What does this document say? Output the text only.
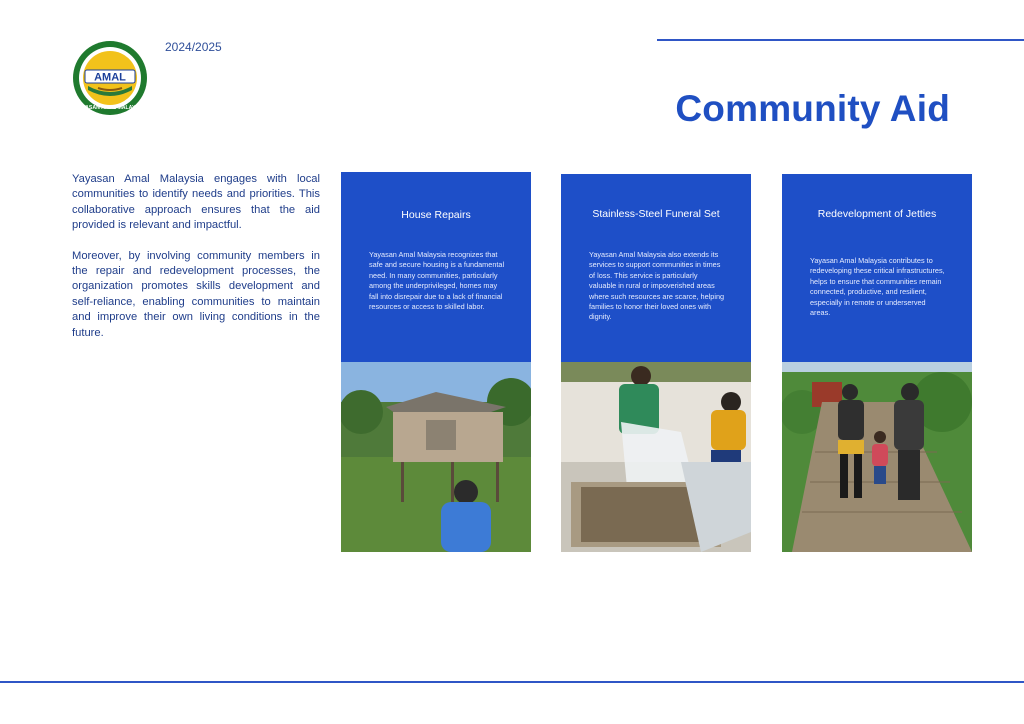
AMAL
YAYASAN AMAL MALAYSIA
2024/2025
Community Aid

Yayasan Amal Malaysia engages with local communities to identify needs and priorities. This collaborative approach ensures that the aid provided is relevant and impactful.

Moreover, by involving community members in the repair and redevelopment processes, the organization promotes skills development and self-reliance, enabling communities to maintain and improve their own living conditions in the future.

House Repairs
Yayasan Amal Malaysia recognizes that safe and secure housing is a fundamental need. In many communities, particularly among the underprivileged, homes may fall into disrepair due to a lack of financial resources or access to skilled labor.
Stainless-Steel Funeral Set
Yayasan Amal Malaysia also extends its services to support communities in times of loss. This service is particularly valuable in rural or impoverished areas where such resources are scarce, helping families to honor their loved ones with dignity.
Redevelopment of Jetties
Yayasan Amal Malaysia contributes to redeveloping these critical infrastructures, helps to ensure that communities remain connected, productive, and resilient, especially in remote or underserved areas.
